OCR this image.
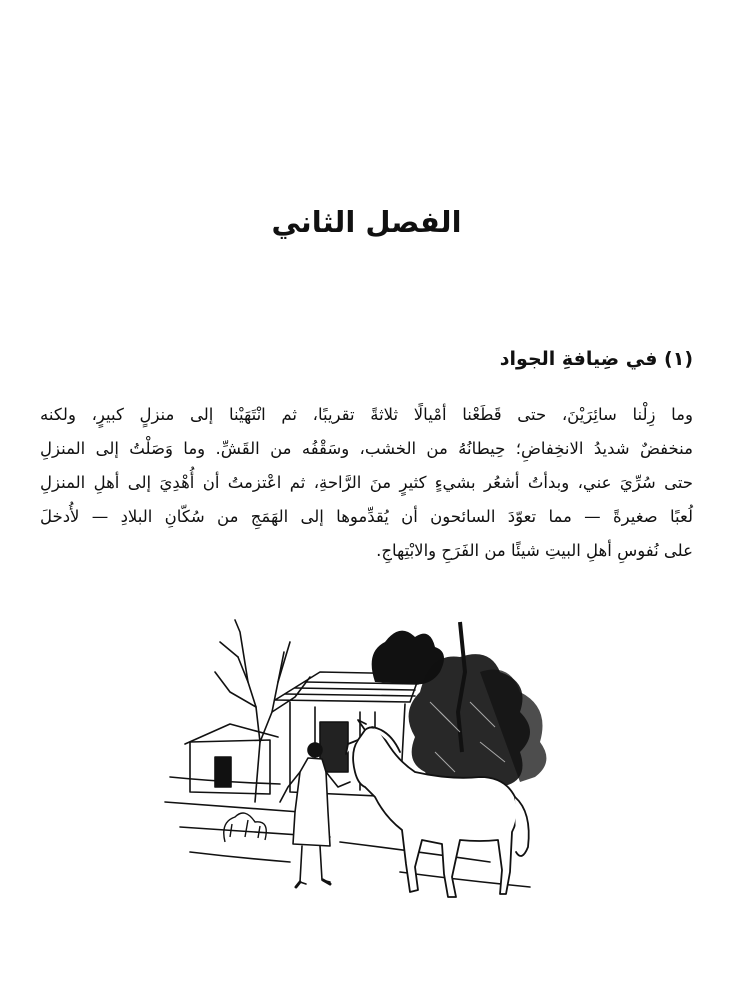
الفصل الثاني
(١) في ضِيافةِ الجواد

وما زِلْنا سائِرَيْنَ، حتى قَطَعْنا أمْيالًا ثلاثةً تقريبًا، ثم انْتَهَيْنا إلى منزلٍ كبيرٍ، ولكنه
منخفضٌ شديدُ الانخِفاضِ؛ حِيطانُهُ من الخشب، وسَقْفُه من القَشِّ. وما وَصَلْتُ إلى المنزلِ
حتى سُرِّيَ عني، وبدأتُ أشعُر بشيءٍ كثيرٍ منَ الرَّاحةِ، ثم اعْتزمتُ أن أُهْدِيَ إلى أهلِ المنزلِ
لُعبًا صغيرةً — مما تعوّدَ السائحون أن يُقدِّموها إلى الهَمَجِ من سُكّانِ البلادِ — لأُدخلَ
على نُفوسِ أهلِ البيتِ شيئًا من الفَرَحِ والابْتِهاجِ.
